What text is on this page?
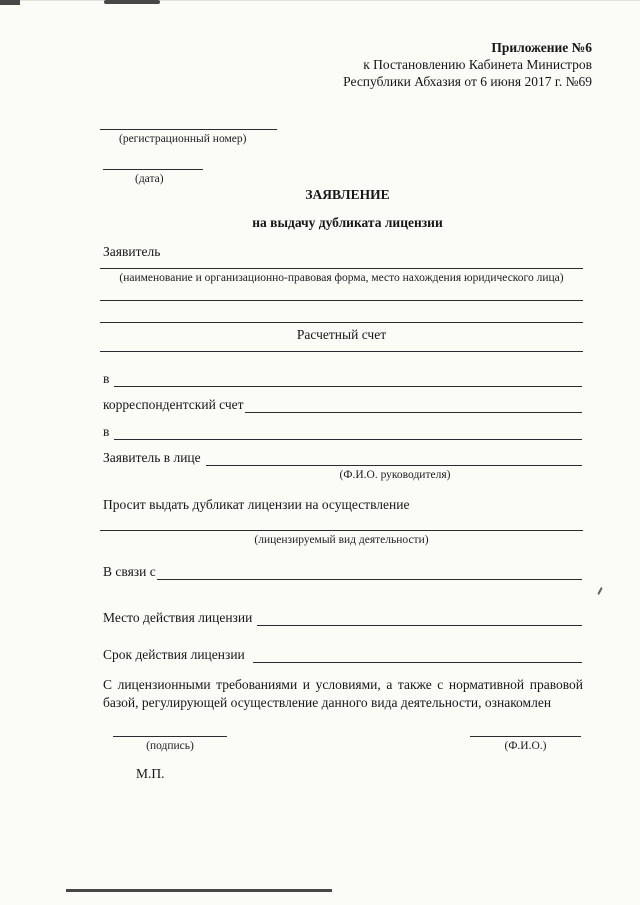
Приложение №6
к Постановлению Кабинета Министров
Республики Абхазия от 6 июня 2017 г. №69
(регистрационный номер)
(дата)
ЗАЯВЛЕНИЕ
на выдачу дубликата лицензии
Заявитель
(наименование и организационно-правовая форма, место нахождения юридического лица)
Расчетный счет
в
корреспондентский счет
в
Заявитель в лице
(Ф.И.О. руководителя)
Просит выдать дубликат лицензии на осуществление
(лицензируемый вид деятельности)
В связи с
Место действия лицензии
Срок действия лицензии
С лицензионными требованиями и условиями, а также с нормативной правовой базой, регулирующей осуществление данного вида деятельности, ознакомлен
(подпись)	(Ф.И.О.)
М.П.
